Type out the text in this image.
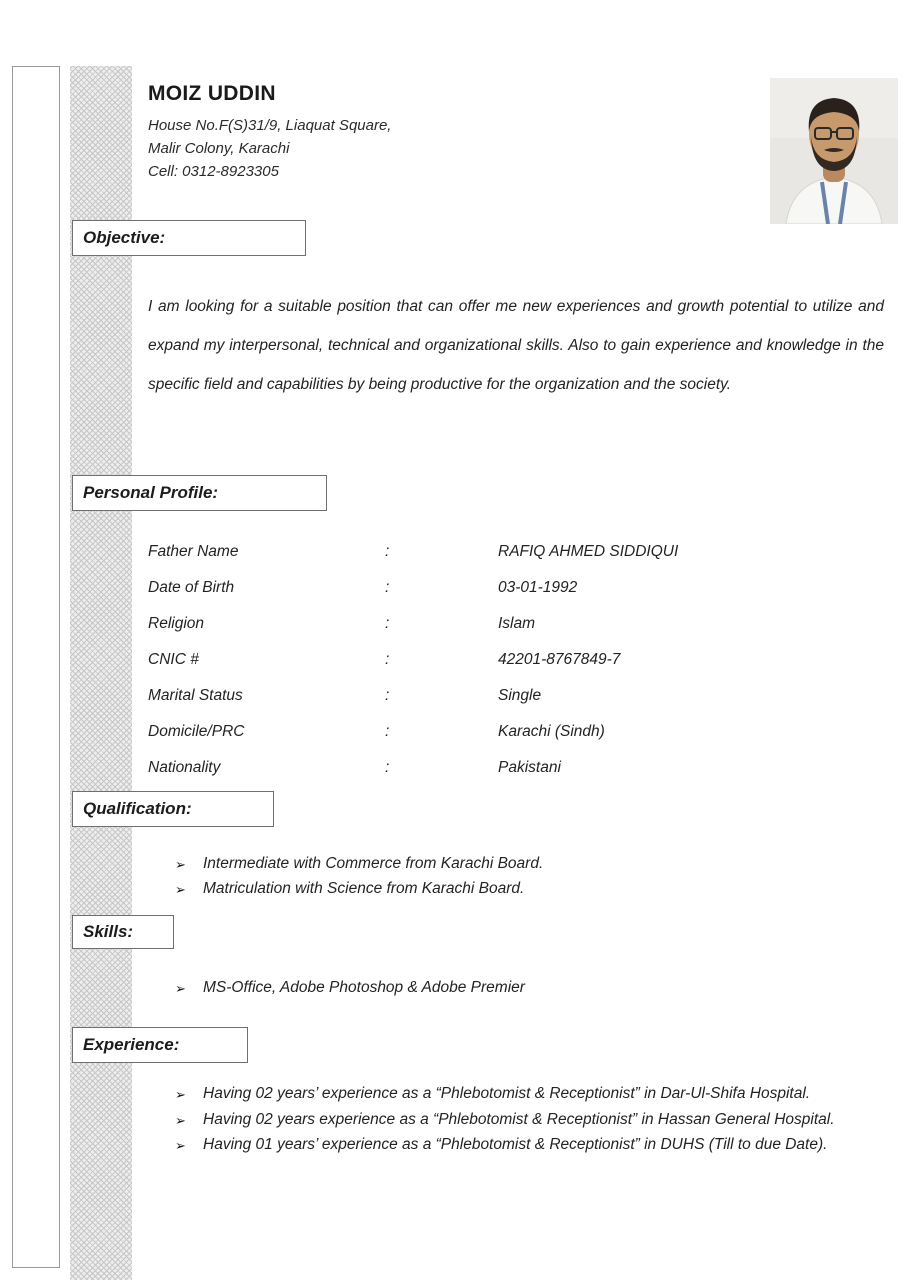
MOIZ UDDIN
House No.F(S)31/9, Liaquat Square,
Malir Colony, Karachi
Cell: 0312-8923305
Objective:
I am looking for a suitable position that can offer me new experiences and growth potential to utilize and expand my interpersonal, technical and organizational skills. Also to gain experience and knowledge in the specific field and capabilities by being productive for the organization and the society.
Personal Profile:
Father Name	:	RAFIQ AHMED SIDDIQUI
Date of Birth	:	03-01-1992
Religion	:	Islam
CNIC #	:	42201-8767849-7
Marital Status	:	Single
Domicile/PRC	:	Karachi (Sindh)
Nationality	:	Pakistani
Qualification:
➢	Intermediate with Commerce from Karachi Board.
➢	Matriculation with Science from Karachi Board.
Skills:
➢	MS-Office, Adobe Photoshop & Adobe Premier
Experience:
➢	Having 02 years’ experience as a “Phlebotomist & Receptionist” in Dar-Ul-Shifa Hospital.
➢	Having 02 years experience as a “Phlebotomist & Receptionist” in Hassan General Hospital.
➢	Having 01 years’ experience as a “Phlebotomist & Receptionist” in DUHS (Till to due Date).
